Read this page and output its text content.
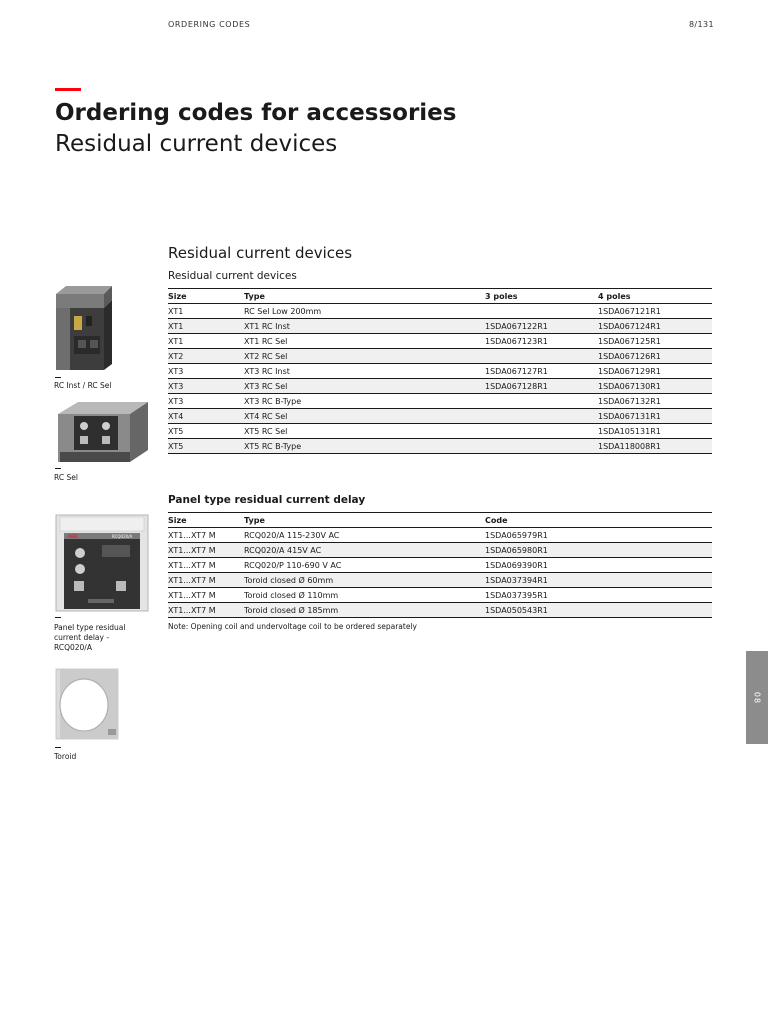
ORDERING CODES	8/131
Ordering codes for accessories
Residual current devices
Residual current devices
Residual current devices
Size	Type	3 poles	4 poles
XT1	RC Sel Low 200mm		1SDA067121R1
XT1	XT1 RC Inst	1SDA067122R1	1SDA067124R1
XT1	XT1 RC Sel	1SDA067123R1	1SDA067125R1
XT2	XT2 RC Sel		1SDA067126R1
XT3	XT3 RC Inst	1SDA067127R1	1SDA067129R1
XT3	XT3 RC Sel	1SDA067128R1	1SDA067130R1
XT3	XT3 RC B-Type		1SDA067132R1
XT4	XT4 RC Sel		1SDA067131R1
XT5	XT5 RC Sel		1SDA105131R1
XT5	XT5 RC B-Type		1SDA118008R1
Panel type residual current delay
Size	Type	Code
XT1...XT7 M	RCQ020/A 115-230V AC	1SDA065979R1
XT1...XT7 M	RCQ020/A 415V AC	1SDA065980R1
XT1...XT7 M	RCQ020/P 110-690 V AC	1SDA069390R1
XT1...XT7 M	Toroid closed Ø 60mm	1SDA037394R1
XT1...XT7 M	Toroid closed Ø 110mm	1SDA037395R1
XT1...XT7 M	Toroid closed Ø 185mm	1SDA050543R1
Note: Opening coil and undervoltage coil to be ordered separately
RC Inst / RC Sel
RC Sel
ABB	RCQ020/A
Panel type residual current delay - RCQ020/A
Toroid
08
